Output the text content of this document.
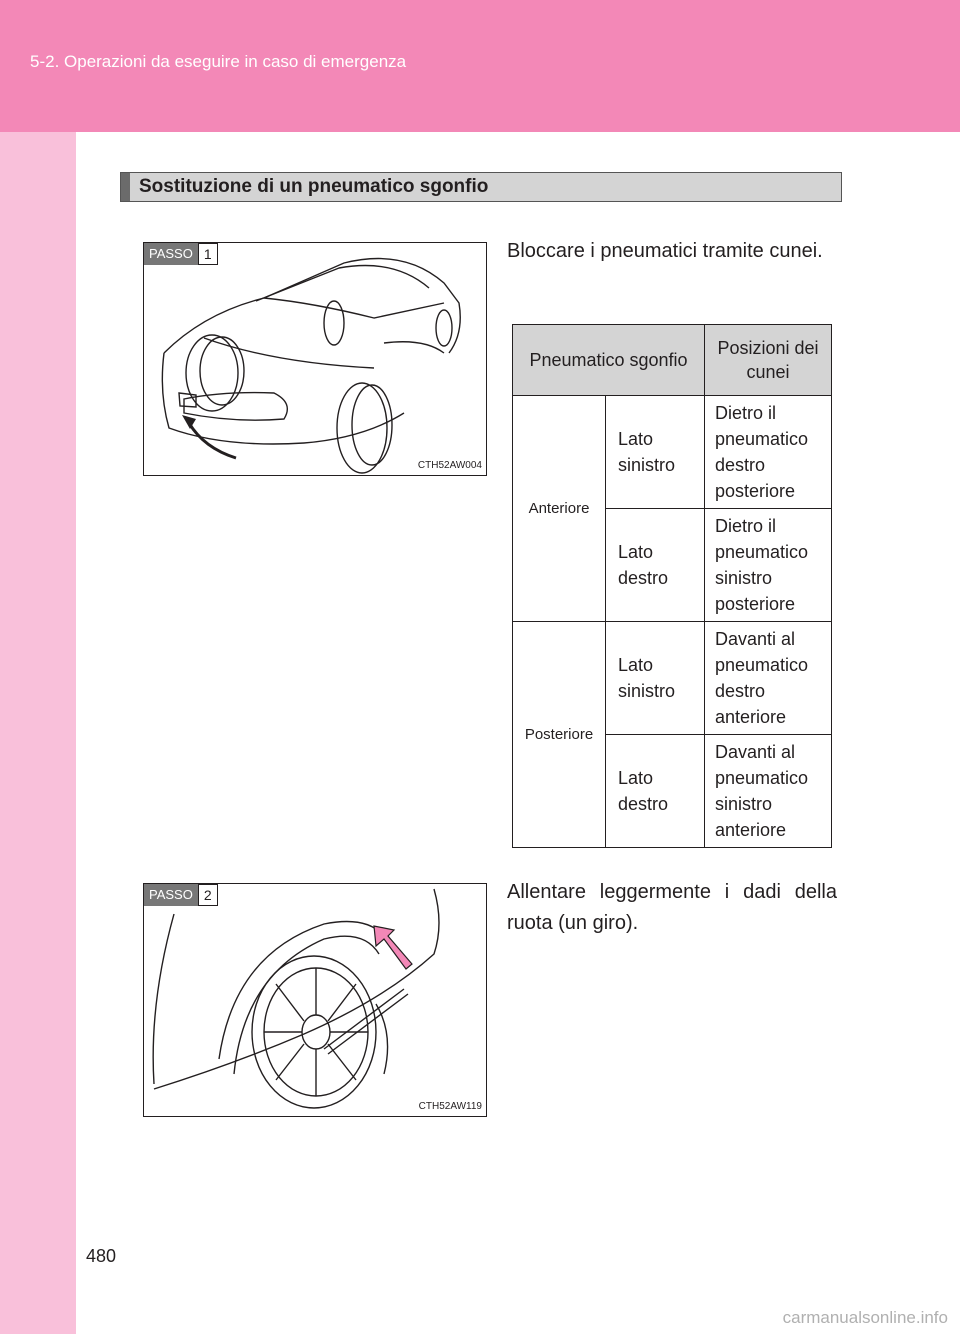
5-2. Operazioni da eseguire in caso di emergenza
Sostituzione di un pneumatico sgonfio
PASSO 1
CTH52AW004
Bloccare i pneumatici tramite cunei.
Pneumatico sgonfio		Posizioni dei cunei
Anteriore	Lato sinistro	Dietro il pneumatico destro posteriore
	Lato destro	Dietro il pneumatico sinistro posteriore
Posteriore	Lato sinistro	Davanti al pneumatico destro anteriore
	Lato destro	Davanti al pneumatico sinistro anteriore
PASSO 2
CTH52AW119
Allentare leggermente i dadi della ruota (un giro).
480
carmanualsonline.info
